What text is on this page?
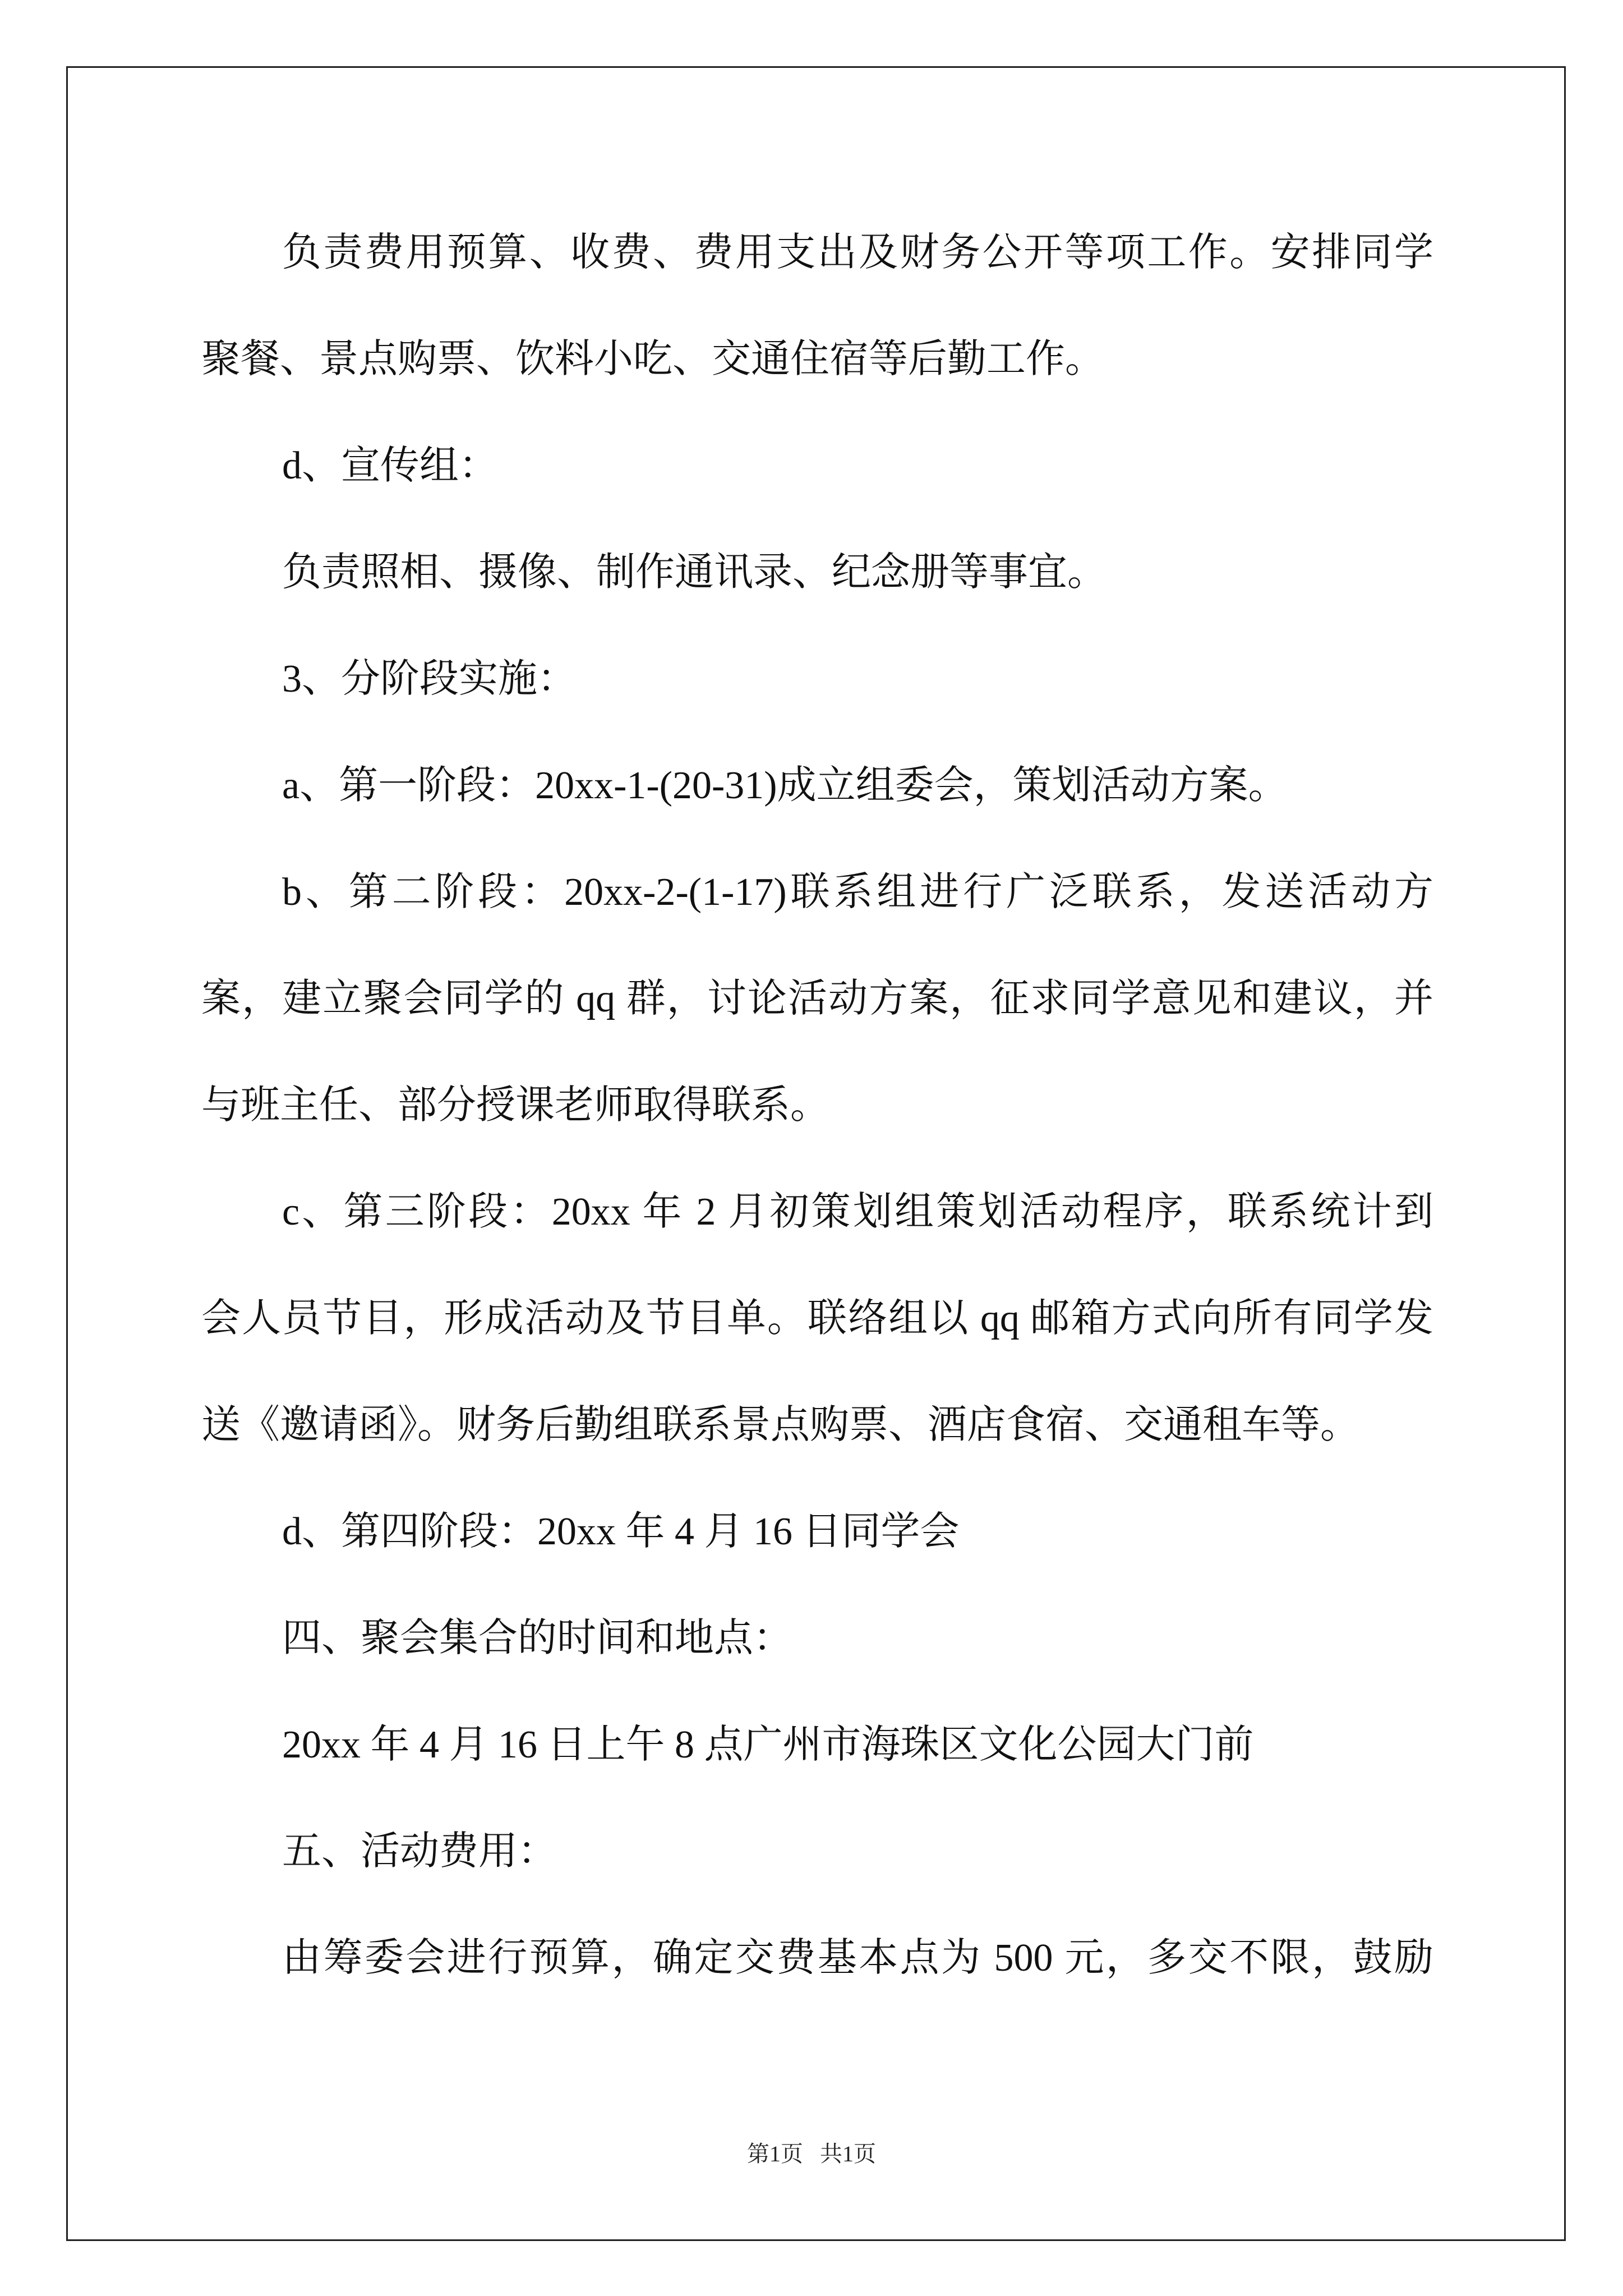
负责费用预算、收费、费用支出及财务公开等项工作。安排同学
聚餐、景点购票、饮料小吃、交通住宿等后勤工作。
d、宣传组：
负责照相、摄像、制作通讯录、纪念册等事宜。
3、分阶段实施：
a、第一阶段：20xx-1-(20-31)成立组委会，策划活动方案。
b、第二阶段：20xx-2-(1-17)联系组进行广泛联系，发送活动方
案，建立聚会同学的 qq 群，讨论活动方案，征求同学意见和建议，并
与班主任、部分授课老师取得联系。
c、第三阶段：20xx 年 2 月初策划组策划活动程序，联系统计到
会人员节目，形成活动及节目单。联络组以 qq 邮箱方式向所有同学发
送《邀请函》。财务后勤组联系景点购票、酒店食宿、交通租车等。
d、第四阶段：20xx 年 4 月 16 日同学会
四、聚会集合的时间和地点：
20xx 年 4 月 16 日上午 8 点广州市海珠区文化公园大门前
五、活动费用：
由筹委会进行预算，确定交费基本点为 500 元，多交不限，鼓励
第1页   共1页
